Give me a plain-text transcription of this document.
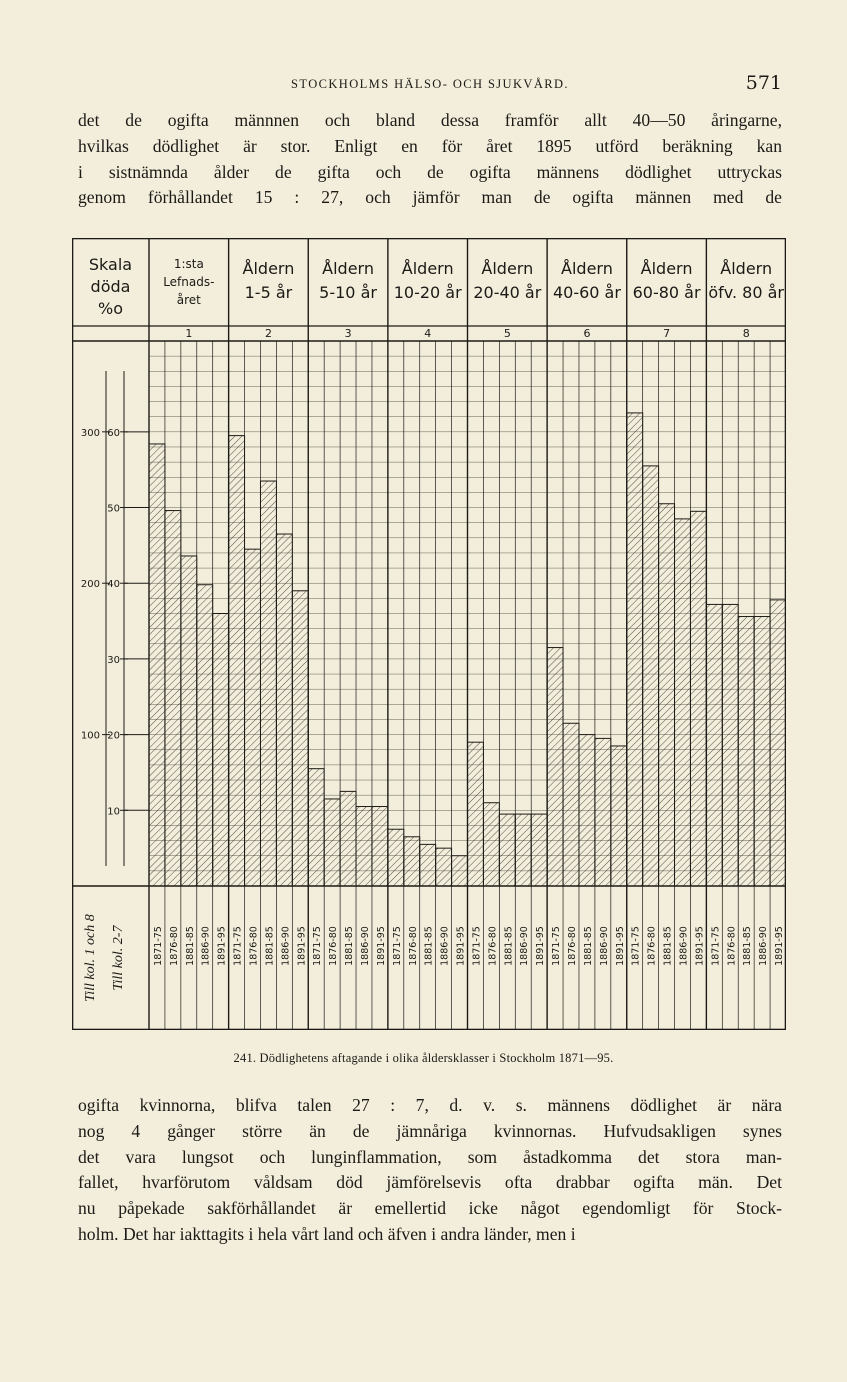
STOCKHOLMS HÄLSO- OCH SJUKVÅRD.	571
det de ogifta männnen och bland dessa framför allt 40—50 åringarne,
hvilkas dödlighet är stor. Enligt en för året 1895 utförd beräkning kan
i sistnämnda ålder de gifta och de ogifta männens dödlighet uttryckas
genom förhållandet 15 : 27, och jämför man de ogifta männen med de
Skala
döda
%o
300
200
100
60
50
40
30
20
10
Till kol. 1 och 8 Till kol. 2-7
1:sta
Lefnads-
året
1
1871-75 1876-80 1881-85 1886-90 1891-95
Åldern
1-5 år
2
1871-75 1876-80 1881-85 1886-90 1891-95
Åldern
5-10 år
3
1871-75 1876-80 1881-85 1886-90 1891-95
Åldern
10-20 år
4
1871-75 1876-80 1881-85 1886-90 1891-95
Åldern
20-40 år
5
1871-75 1876-80 1881-85 1886-90 1891-95
Åldern
40-60 år
6
1871-75 1876-80 1881-85 1886-90 1891-95
Åldern
60-80 år
7
1871-75 1876-80 1881-85 1886-90 1891-95
Åldern
öfv. 80 år
8
1871-75 1876-80 1881-85 1886-90 1891-95
241. Dödlighetens aftagande i olika åldersklasser i Stockholm 1871—95.
ogifta kvinnorna, blifva talen 27 : 7, d. v. s. männens dödlighet är nära
nog 4 gånger större än de jämnåriga kvinnornas. Hufvudsakligen synes
det vara lungsot och lunginflammation, som åstadkomma det stora man-
fallet, hvarförutom våldsam död jämförelsevis ofta drabbar ogifta män. Det
nu påpekade sakförhållandet är emellertid icke något egendomligt för Stock-
holm. Det har iakttagits i hela vårt land och äfven i andra länder, men i
